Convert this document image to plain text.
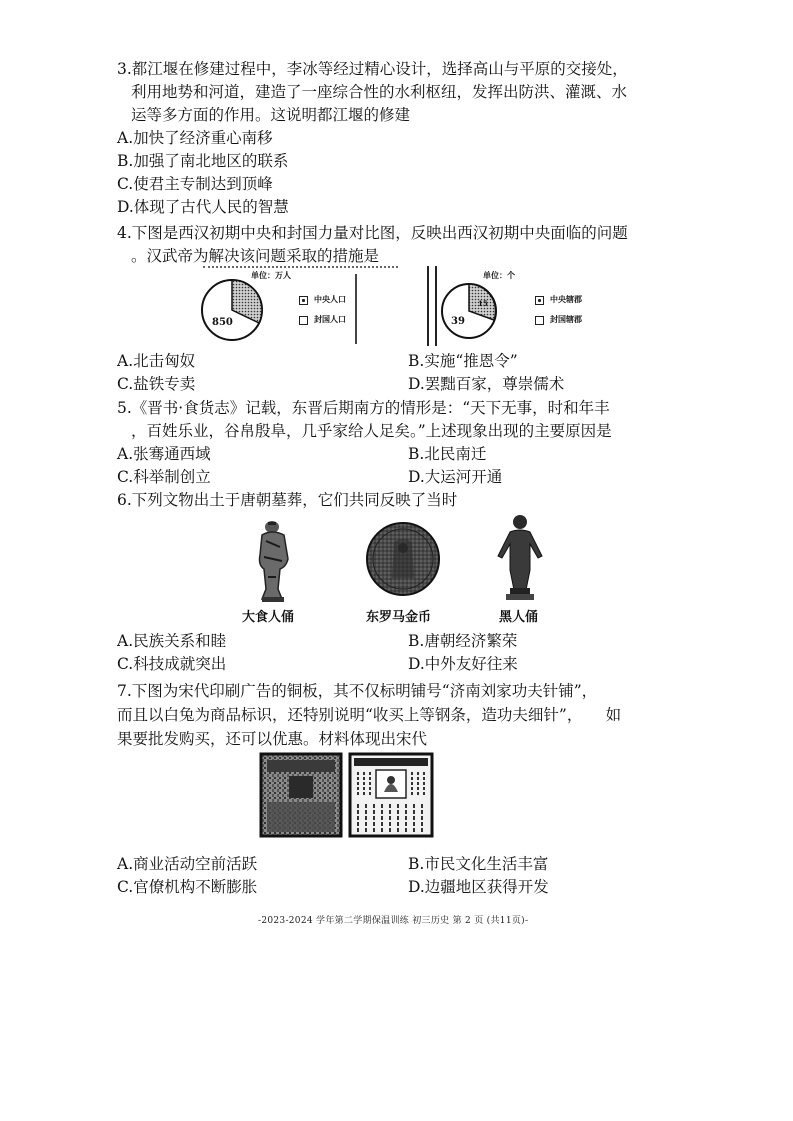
3.都江堰在修建过程中，李冰等经过精心设计，选择高山与平原的交接处，
利用地势和河道，建造了一座综合性的水利枢纽，发挥出防洪、灌溉、水
运等多方面的作用。这说明都江堰的修建
A.加快了经济重心南移
B.加强了南北地区的联系
C.使君主专制达到顶峰
D.体现了古代人民的智慧
4.下图是西汉初期中央和封国力量对比图，反映出西汉初期中央面临的问题
。汉武帝为解决该问题采取的措施是
单位：万人
850
中央人口
封国人口
单位：个
15
39
中央辖郡
封国辖郡
A.北击匈奴	B.实施“推恩令”
C.盐铁专卖	D.罢黜百家，尊崇儒术
5.《晋书·食货志》记载，东晋后期南方的情形是：“天下无事，时和年丰
，百姓乐业，谷帛殷阜，几乎家给人足矣。”上述现象出现的主要原因是
A.张骞通西域	B.北民南迁
C.科举制创立	D.大运河开通
6.下列文物出土于唐朝墓葬，它们共同反映了当时
大食人俑	东罗马金币	黑人俑
A.民族关系和睦	B.唐朝经济繁荣
C.科技成就突出	D.中外友好往来
7.下图为宋代印刷广告的铜板，其不仅标明铺号“济南刘家功夫针铺”，
而且以白兔为商品标识，还特别说明“收买上等钢条，造功夫细针”，　　如
果要批发购买，还可以优惠。材料体现出宋代
A.商业活动空前活跃	B.市民文化生活丰富
C.官僚机构不断膨胀	D.边疆地区获得开发
-2023-2024 学年第二学期保温训练 初三历史 第 2 页 (共11页)-
